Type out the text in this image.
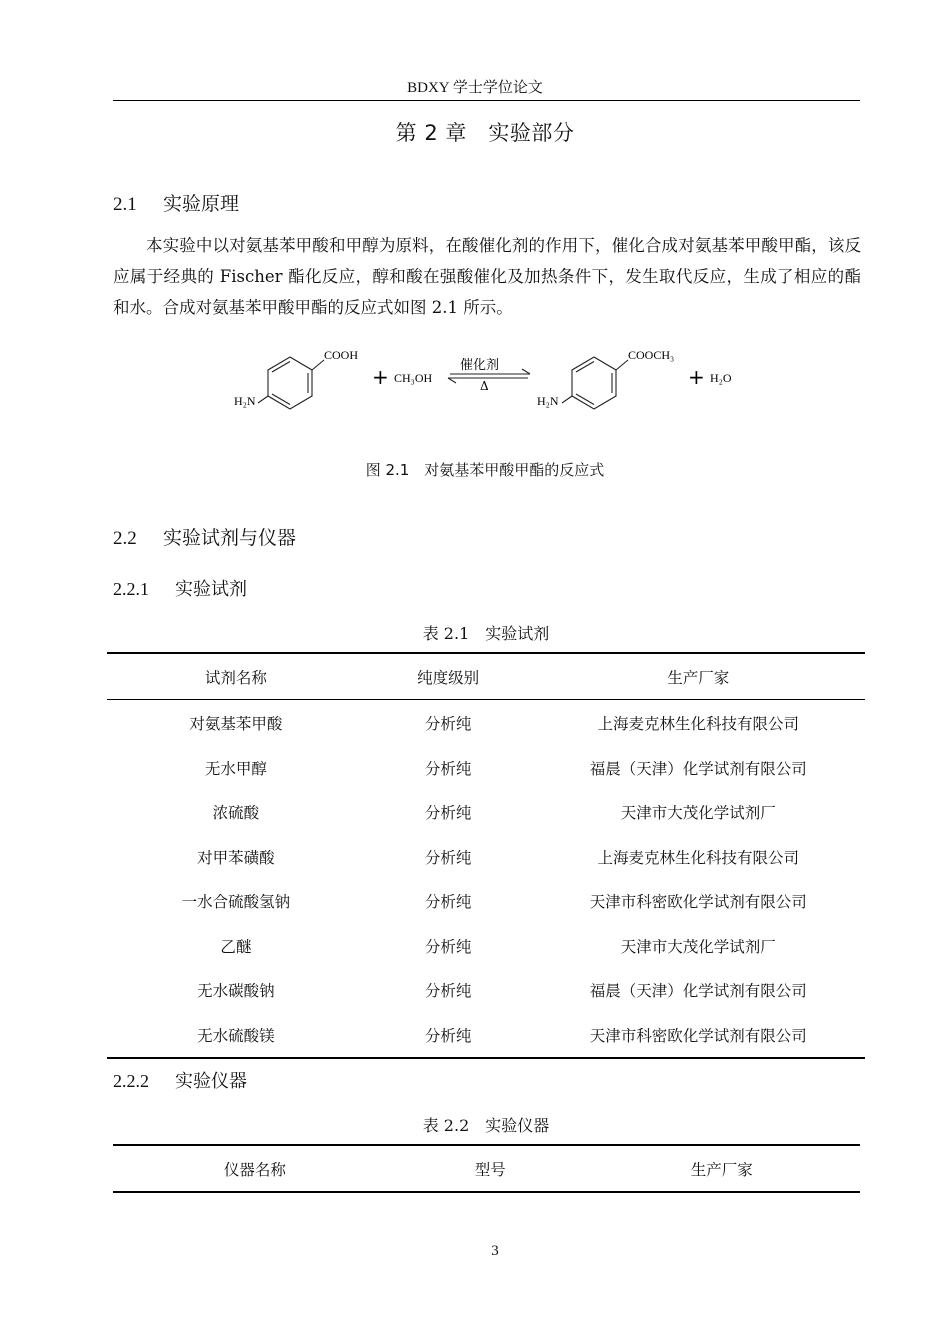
BDXY 学士学位论文
第 2 章　实验部分
2.1 实验原理
本实验中以对氨基苯甲酸和甲醇为原料，在酸催化剂的作用下，催化合成对氨基苯甲酸甲酯，该反应属于经典的 Fischer 酯化反应，醇和酸在强酸催化及加热条件下，发生取代反应，生成了相应的酯和水。合成对氨基苯甲酸甲酯的反应式如图 2.1 所示。
COOH
H₂N
+ CH₃OH
催化剂
Δ
COOCH₃
H₂N
+ H₂O
图 2.1　对氨基苯甲酸甲酯的反应式
2.2 实验试剂与仪器
2.2.1 实验试剂
表 2.1　实验试剂
试剂名称	纯度级别	生产厂家
对氨基苯甲酸	分析纯	上海麦克林生化科技有限公司
无水甲醇	分析纯	福晨（天津）化学试剂有限公司
浓硫酸	分析纯	天津市大茂化学试剂厂
对甲苯磺酸	分析纯	上海麦克林生化科技有限公司
一水合硫酸氢钠	分析纯	天津市科密欧化学试剂有限公司
乙醚	分析纯	天津市大茂化学试剂厂
无水碳酸钠	分析纯	福晨（天津）化学试剂有限公司
无水硫酸镁	分析纯	天津市科密欧化学试剂有限公司
2.2.2 实验仪器
表 2.2　实验仪器
仪器名称	型号	生产厂家
3
